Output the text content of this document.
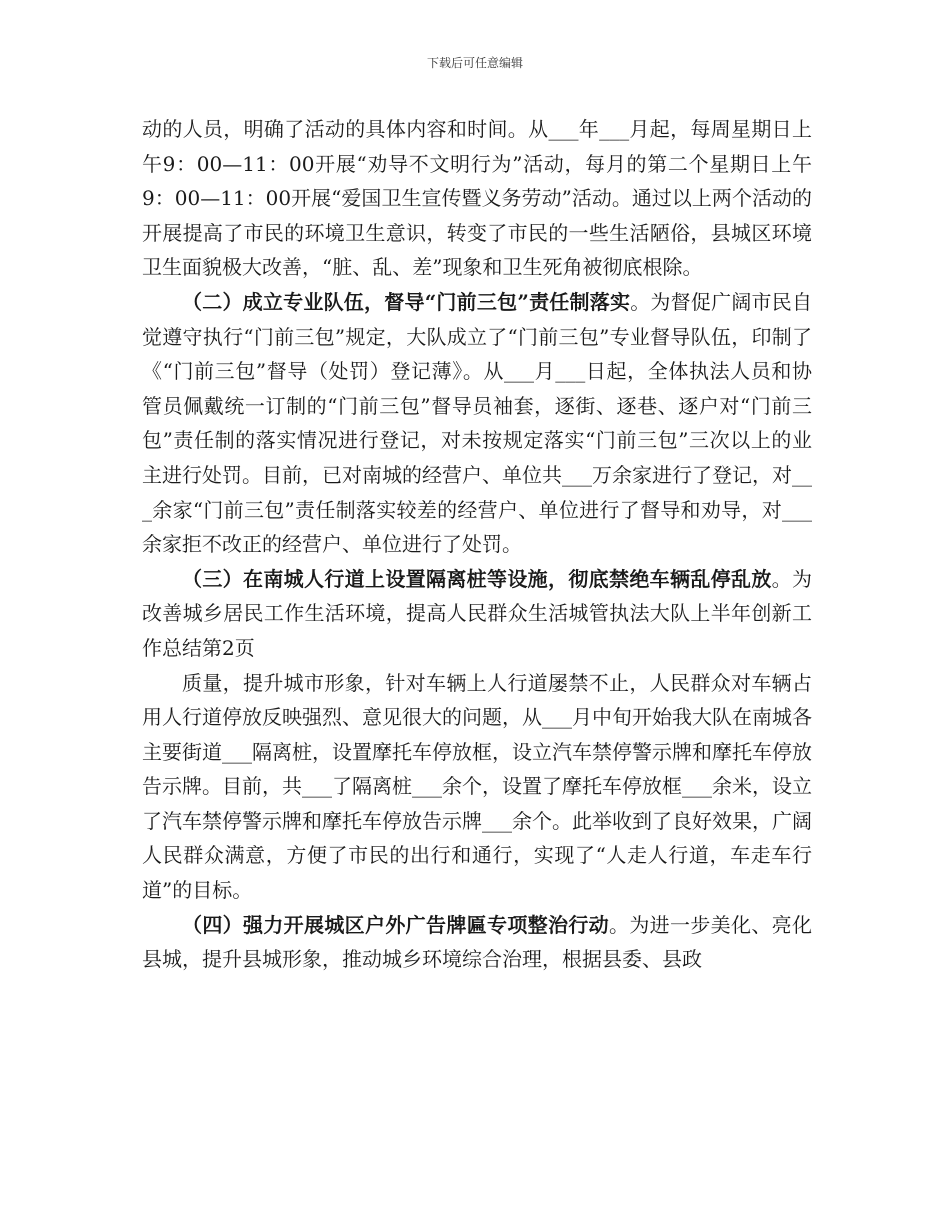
下载后可任意编辑

动的人员，明确了活动的具体内容和时间。从___年___月起，每周星期日上午9：00—11：00开展“劝导不文明行为”活动，每月的第二个星期日上午9：00—11：00开展“爱国卫生宣传暨义务劳动”活动。通过以上两个活动的开展提高了市民的环境卫生意识，转变了市民的一些生活陋俗，县城区环境卫生面貌极大改善，“脏、乱、差”现象和卫生死角被彻底根除。

（二）成立专业队伍，督导“门前三包”责任制落实。为督促广阔市民自觉遵守执行“门前三包”规定，大队成立了“门前三包”专业督导队伍，印制了《“门前三包”督导（处罚）登记薄》。从___月___日起，全体执法人员和协管员佩戴统一订制的“门前三包”督导员袖套，逐街、逐巷、逐户对“门前三包”责任制的落实情况进行登记，对未按规定落实“门前三包”三次以上的业主进行处罚。目前，已对南城的经营户、单位共___万余家进行了登记，对___余家“门前三包”责任制落实较差的经营户、单位进行了督导和劝导，对___余家拒不改正的经营户、单位进行了处罚。

（三）在南城人行道上设置隔离桩等设施，彻底禁绝车辆乱停乱放。为改善城乡居民工作生活环境，提高人民群众生活城管执法大队上半年创新工作总结第2页

质量，提升城市形象，针对车辆上人行道屡禁不止，人民群众对车辆占用人行道停放反映强烈、意见很大的问题，从___月中旬开始我大队在南城各主要街道___隔离桩，设置摩托车停放框，设立汽车禁停警示牌和摩托车停放告示牌。目前，共___了隔离桩___余个，设置了摩托车停放框___余米，设立了汽车禁停警示牌和摩托车停放告示牌___余个。此举收到了良好效果，广阔人民群众满意，方便了市民的出行和通行，实现了“人走人行道，车走车行道”的目标。

（四）强力开展城区户外广告牌匾专项整治行动。为进一步美化、亮化县城，提升县城形象，推动城乡环境综合治理，根据县委、县政
